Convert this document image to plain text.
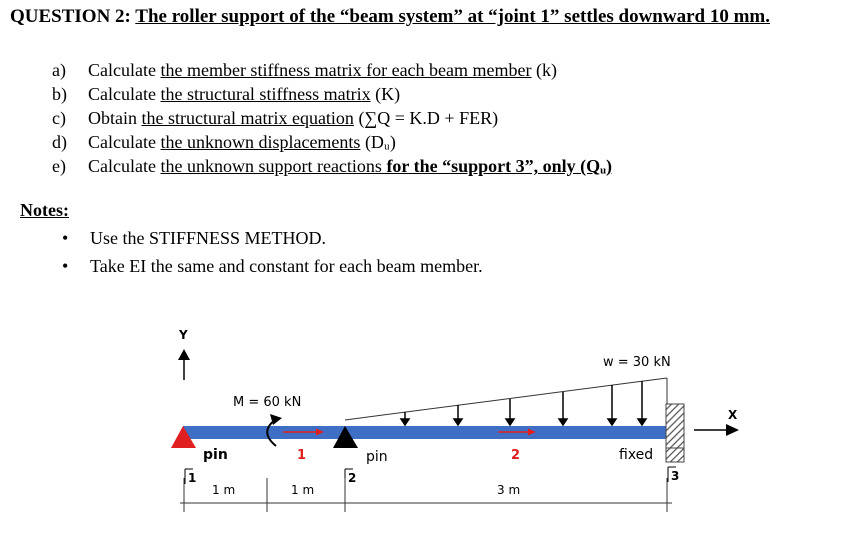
QUESTION 2: The roller support of the “beam system” at “joint 1” settles downward 10 mm.
a) Calculate the member stiffness matrix for each beam member (k)
b) Calculate the structural stiffness matrix (K)
c) Obtain the structural matrix equation (∑Q = K.D + FER)
d) Calculate the unknown displacements (Dᵤ)
e) Calculate the unknown support reactions for the “support 3”, only (Qᵤ)
Notes:
• Use the STIFFNESS METHOD.
• Take EI the same and constant for each beam member.
Y
X
w = 30 kN
M = 60 kN
pin	pin	fixed
1	2
1	2	3
1 m	1 m	3 m
